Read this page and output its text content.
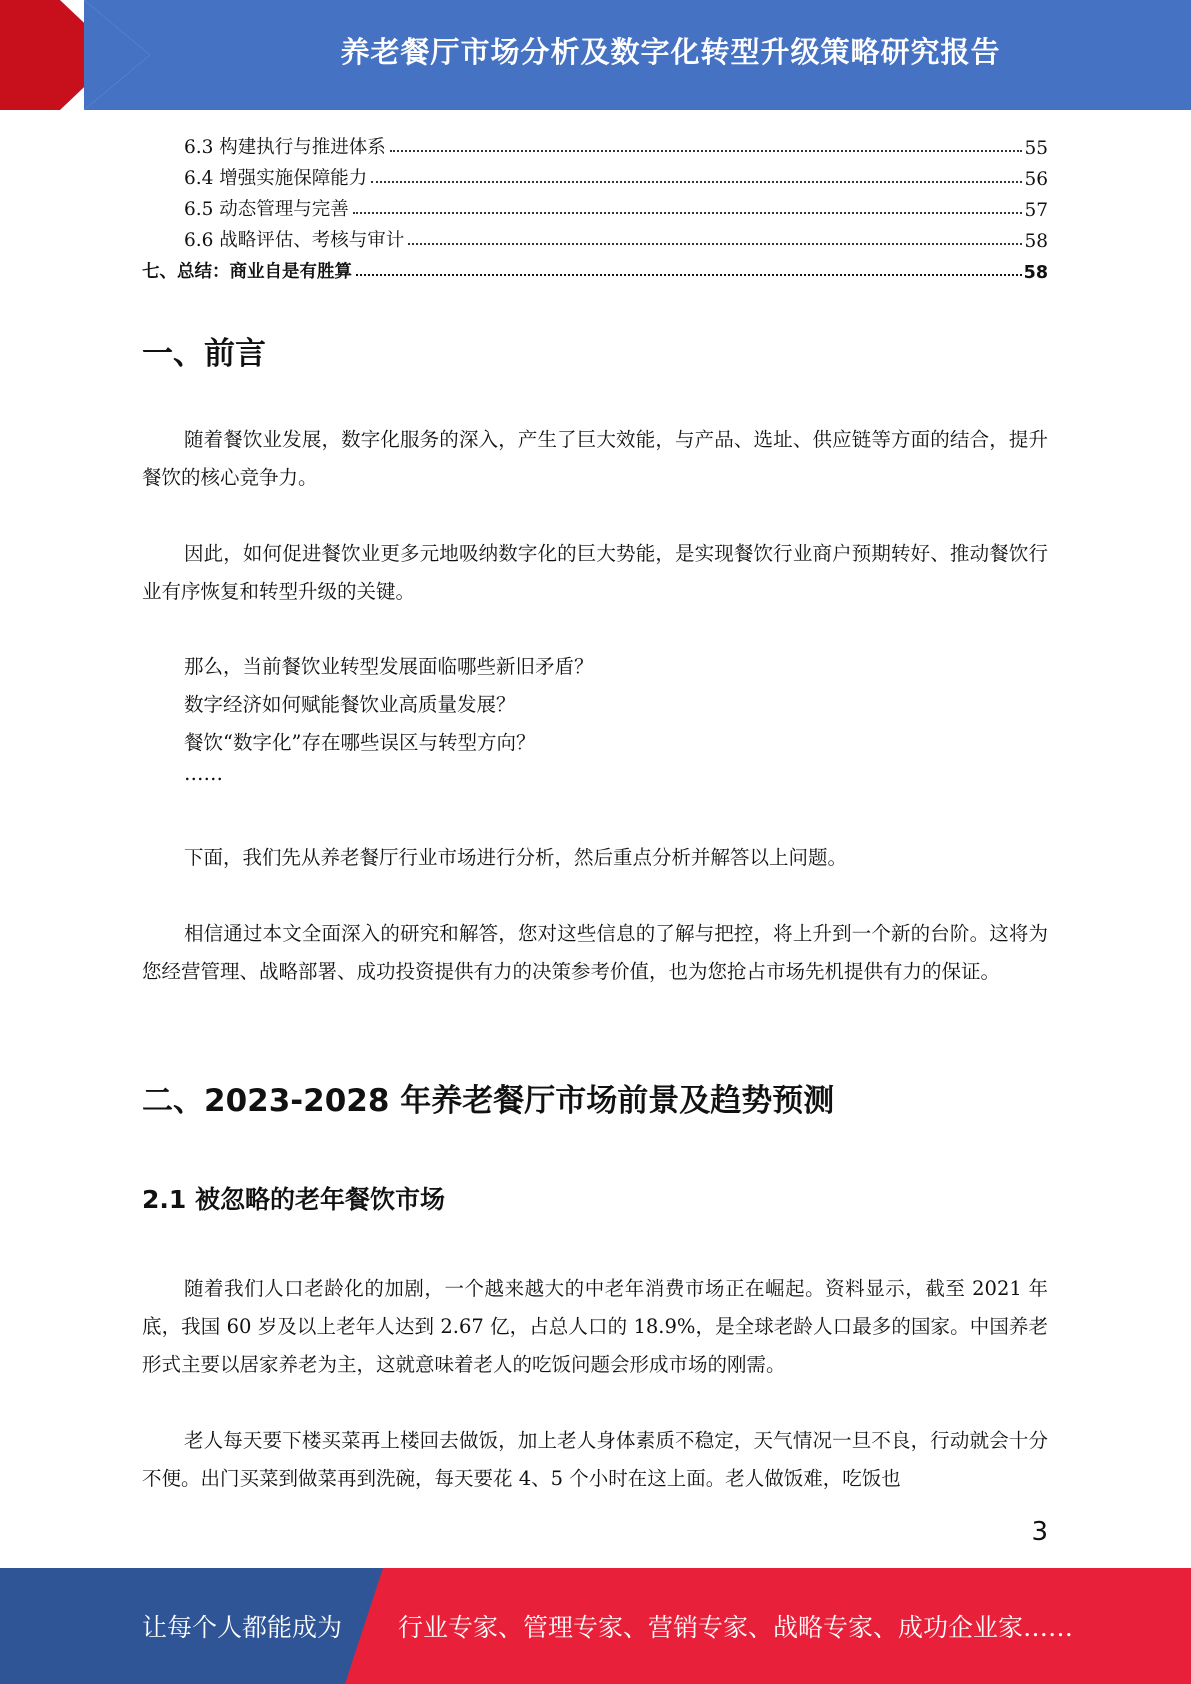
养老餐厅市场分析及数字化转型升级策略研究报告
6.3 构建执行与推进体系	55
6.4 增强实施保障能力	56
6.5 动态管理与完善	57
6.6 战略评估、考核与审计	58
七、总结：商业自是有胜算	58
一、前言

随着餐饮业发展，数字化服务的深入，产生了巨大效能，与产品、选址、供应链等方面的结合，提升餐饮的核心竞争力。

因此，如何促进餐饮业更多元地吸纳数字化的巨大势能，是实现餐饮行业商户预期转好、推动餐饮行业有序恢复和转型升级的关键。

那么，当前餐饮业转型发展面临哪些新旧矛盾？

数字经济如何赋能餐饮业高质量发展？

餐饮“数字化”存在哪些误区与转型方向？

……

下面，我们先从养老餐厅行业市场进行分析，然后重点分析并解答以上问题。

相信通过本文全面深入的研究和解答，您对这些信息的了解与把控，将上升到一个新的台阶。这将为您经营管理、战略部署、成功投资提供有力的决策参考价值，也为您抢占市场先机提供有力的保证。

二、2023-2028 年养老餐厅市场前景及趋势预测
2.1 被忽略的老年餐饮市场

随着我们人口老龄化的加剧，一个越来越大的中老年消费市场正在崛起。资料显示，截至 2021 年底，我国 60 岁及以上老年人达到 2.67 亿，占总人口的 18.9%，是全球老龄人口最多的国家。中国养老形式主要以居家养老为主，这就意味着老人的吃饭问题会形成市场的刚需。

老人每天要下楼买菜再上楼回去做饭，加上老人身体素质不稳定，天气情况一旦不良，行动就会十分不便。出门买菜到做菜再到洗碗，每天要花 4、5 个小时在这上面。老人做饭难，吃饭也

3
让每个人都能成为 行业专家、管理专家、营销专家、战略专家、成功企业家……
